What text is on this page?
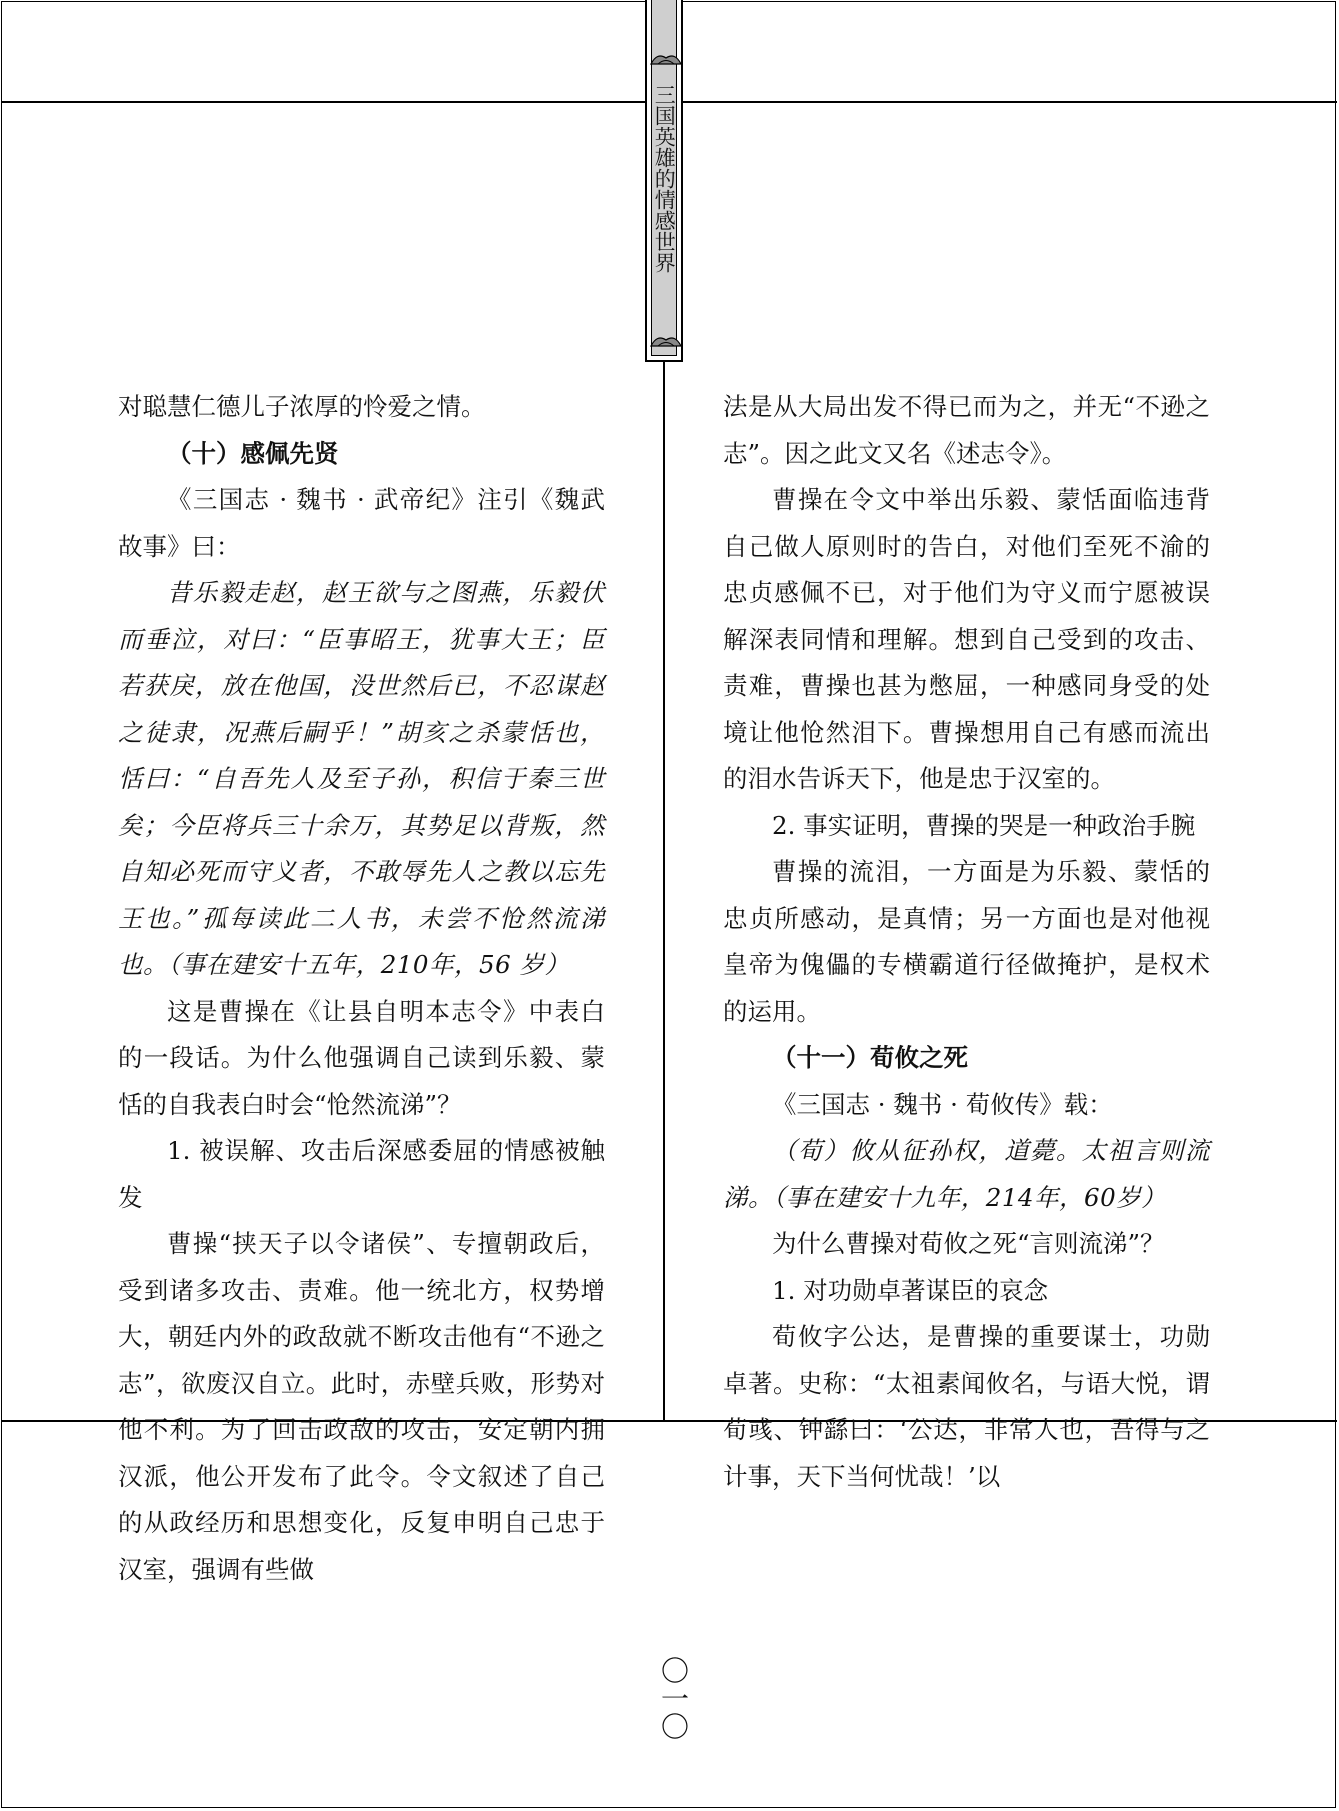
三国英雄的情感世界

对聪慧仁德儿子浓厚的怜爱之情。

（十）感佩先贤

《三国志 · 魏书 · 武帝纪》注引《魏武故事》曰：

昔乐毅走赵，赵王欲与之图燕，乐毅伏而垂泣，对曰：“臣事昭王，犹事大王；臣若获戾，放在他国，没世然后已，不忍谋赵之徒隶，况燕后嗣乎！”胡亥之杀蒙恬也，恬曰：“自吾先人及至子孙，积信于秦三世矣；今臣将兵三十余万，其势足以背叛，然自知必死而守义者，不敢辱先人之教以忘先王也。”孤每读此二人书，未尝不怆然流涕也。（事在建安十五年，210年，56 岁）

这是曹操在《让县自明本志令》中表白的一段话。为什么他强调自己读到乐毅、蒙恬的自我表白时会“怆然流涕”？

1. 被误解、攻击后深感委屈的情感被触发

曹操“挟天子以令诸侯”、专擅朝政后，受到诸多攻击、责难。他一统北方，权势增大，朝廷内外的政敌就不断攻击他有“不逊之志”，欲废汉自立。此时，赤壁兵败，形势对他不利。为了回击政敌的攻击，安定朝内拥汉派，他公开发布了此令。令文叙述了自己的从政经历和思想变化，反复申明自己忠于汉室，强调有些做

法是从大局出发不得已而为之，并无“不逊之志”。因之此文又名《述志令》。

曹操在令文中举出乐毅、蒙恬面临违背自己做人原则时的告白，对他们至死不渝的忠贞感佩不已，对于他们为守义而宁愿被误解深表同情和理解。想到自己受到的攻击、责难，曹操也甚为憋屈，一种感同身受的处境让他怆然泪下。曹操想用自己有感而流出的泪水告诉天下，他是忠于汉室的。

2. 事实证明，曹操的哭是一种政治手腕

曹操的流泪，一方面是为乐毅、蒙恬的忠贞所感动，是真情；另一方面也是对他视皇帝为傀儡的专横霸道行径做掩护，是权术的运用。

（十一）荀攸之死

《三国志 · 魏书 · 荀攸传》载：

（荀）攸从征孙权，道薨。太祖言则流涕。（事在建安十九年，214年，60岁）

为什么曹操对荀攸之死“言则流涕”？

1. 对功勋卓著谋臣的哀念

荀攸字公达，是曹操的重要谋士，功勋卓著。史称：“太祖素闻攸名，与语大悦，谓荀彧、钟繇曰：‘公达，非常人也，吾得与之计事，天下当何忧哉！’以

〇一〇
